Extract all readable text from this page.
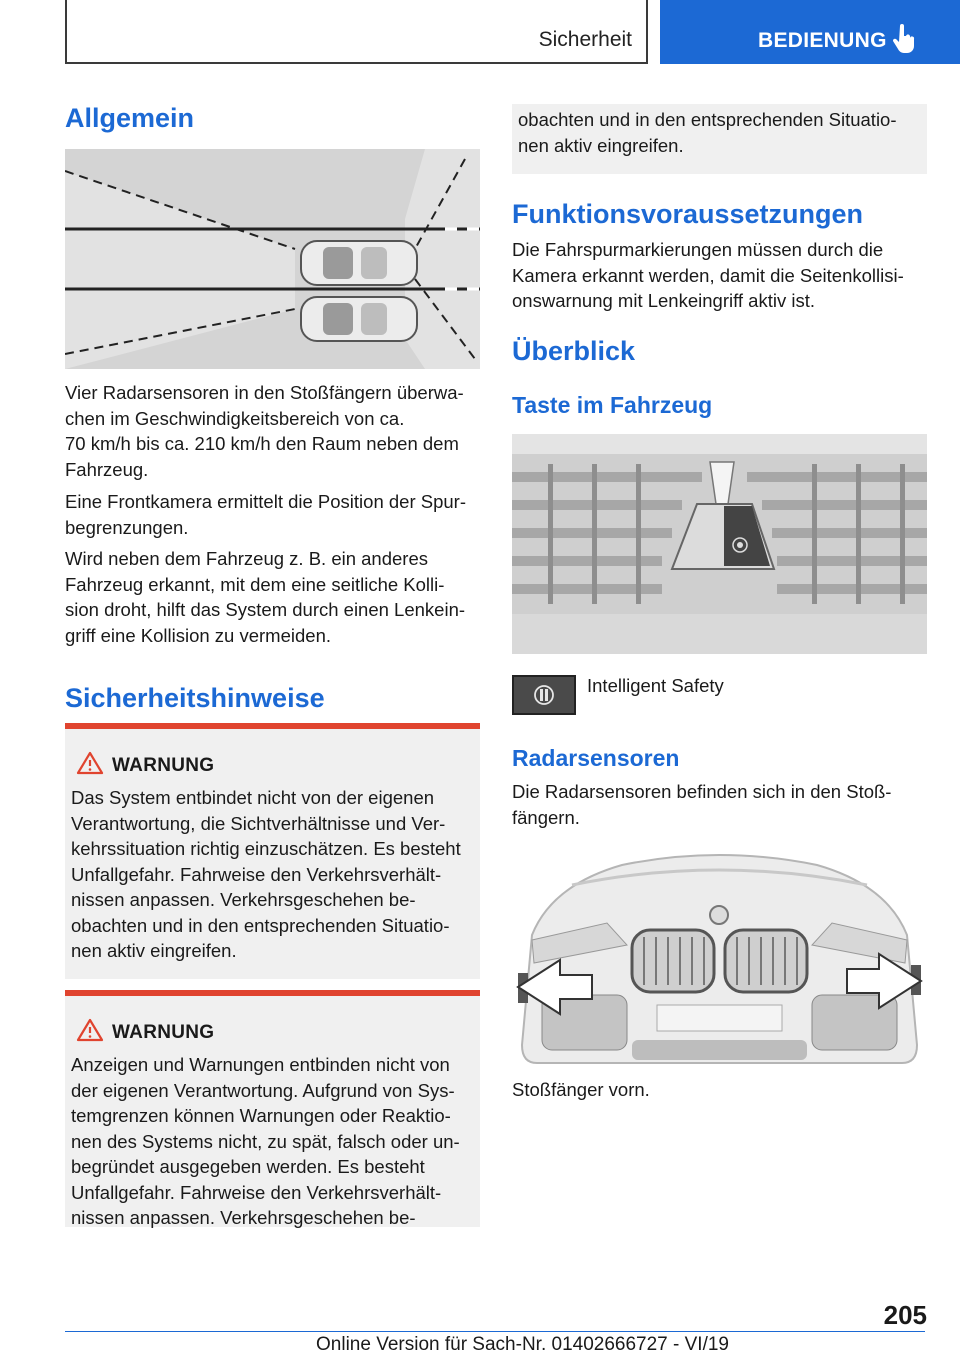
Sicherheit	BEDIENUNG
Allgemein

Vier Radarsensoren in den Stoßfängern überwa-
chen im Geschwindigkeitsbereich von ca.
70 km/h bis ca. 210 km/h den Raum neben dem
Fahrzeug.

Eine Frontkamera ermittelt die Position der Spur-
begrenzungen.

Wird neben dem Fahrzeug z. B. ein anderes
Fahrzeug erkannt, mit dem eine seitliche Kolli-
sion droht, hilft das System durch einen Lenkein-
griff eine Kollision zu vermeiden.

Sicherheitshinweise
WARNUNG

Das System entbindet nicht von der eigenen
Verantwortung, die Sichtverhältnisse und Ver-
kehrssituation richtig einzuschätzen. Es besteht
Unfallgefahr. Fahrweise den Verkehrsverhält-
nissen anpassen. Verkehrsgeschehen be-
obachten und in den entsprechenden Situatio-
nen aktiv eingreifen.

WARNUNG

Anzeigen und Warnungen entbinden nicht von
der eigenen Verantwortung. Aufgrund von Sys-
temgrenzen können Warnungen oder Reaktio-
nen des Systems nicht, zu spät, falsch oder un-
begründet ausgegeben werden. Es besteht
Unfallgefahr. Fahrweise den Verkehrsverhält-
nissen anpassen. Verkehrsgeschehen be-

obachten und in den entsprechenden Situatio-
nen aktiv eingreifen.

Funktionsvoraussetzungen

Die Fahrspurmarkierungen müssen durch die
Kamera erkannt werden, damit die Seitenkollisi-
onswarnung mit Lenkeingriff aktiv ist.

Überblick
Taste im Fahrzeug

Intelligent Safety

Radarsensoren

Die Radarsensoren befinden sich in den Stoß-
fängern.

Stoßfänger vorn.

205
Online Version für Sach-Nr. 01402666727 - VI/19
